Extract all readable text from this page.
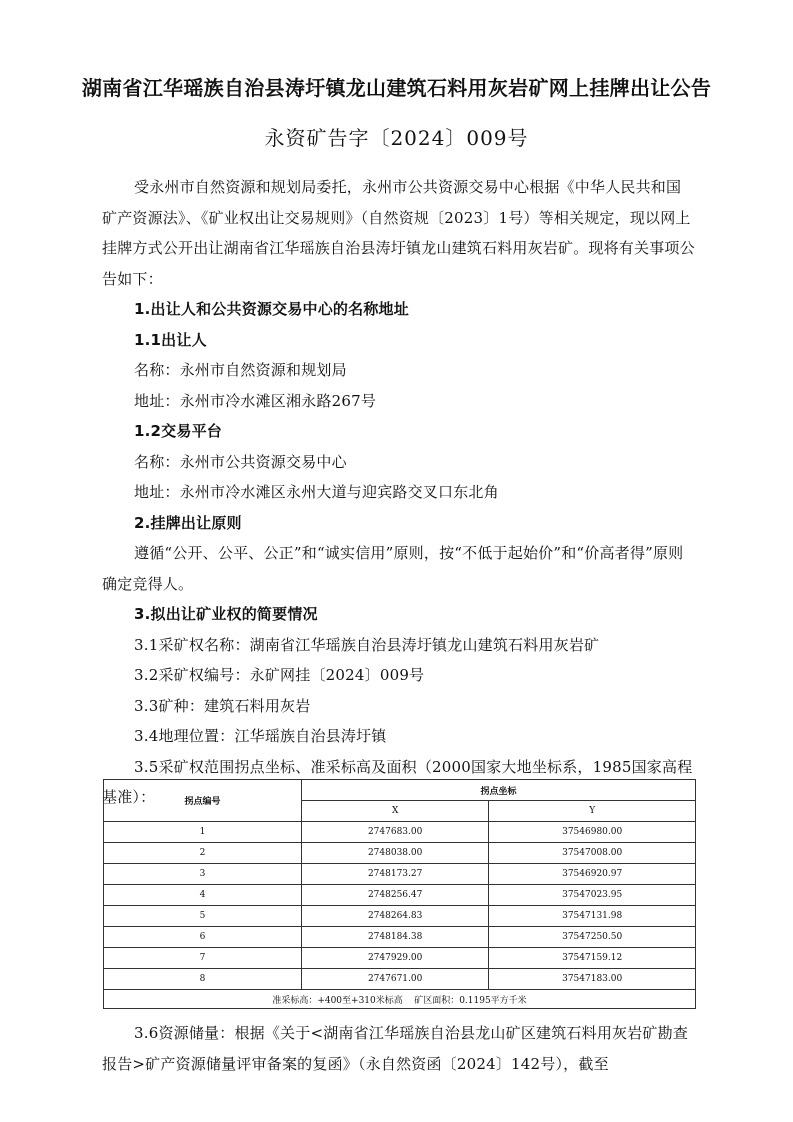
湖南省江华瑶族自治县涛圩镇龙山建筑石料用灰岩矿网上挂牌出让公告
永资矿告字〔2024〕009号

受永州市自然资源和规划局委托，永州市公共资源交易中心根据《中华人民共和国矿产资源法》、《矿业权出让交易规则》（自然资规〔2023〕1号）等相关规定，现以网上挂牌方式公开出让湖南省江华瑶族自治县涛圩镇龙山建筑石料用灰岩矿。现将有关事项公告如下：

1.出让人和公共资源交易中心的名称地址

1.1出让人

名称：永州市自然资源和规划局

地址：永州市冷水滩区湘永路267号

1.2交易平台

名称：永州市公共资源交易中心

地址：永州市冷水滩区永州大道与迎宾路交叉口东北角

2.挂牌出让原则

遵循“公开、公平、公正”和“诚实信用”原则，按“不低于起始价”和“价高者得”原则确定竞得人。

3.拟出让矿业权的简要情况

3.1采矿权名称：湖南省江华瑶族自治县涛圩镇龙山建筑石料用灰岩矿

3.2采矿权编号：永矿网挂〔2024〕009号

3.3矿种：建筑石料用灰岩

3.4地理位置：江华瑶族自治县涛圩镇

3.5采矿权范围拐点坐标、准采标高及面积（2000国家大地坐标系，1985国家高程基准）：	拐点编号	拐点坐标	
	X	Y
1	2747683.00	37546980.00
2	2748038.00	37547008.00
3	2748173.27	37546920.97
4	2748256.47	37547023.95
5	2748264.83	37547131.98
6	2748184.38	37547250.50
7	2747929.00	37547159.12
8	2747671.00	37547183.00
准采标高：+400至+310米标高    矿区面积：0.1195平方千米		

3.6资源储量：根据《关于<湖南省江华瑶族自治县龙山矿区建筑石料用灰岩矿勘查报告>矿产资源储量评审备案的复函》（永自然资函〔2024〕142号），截至
